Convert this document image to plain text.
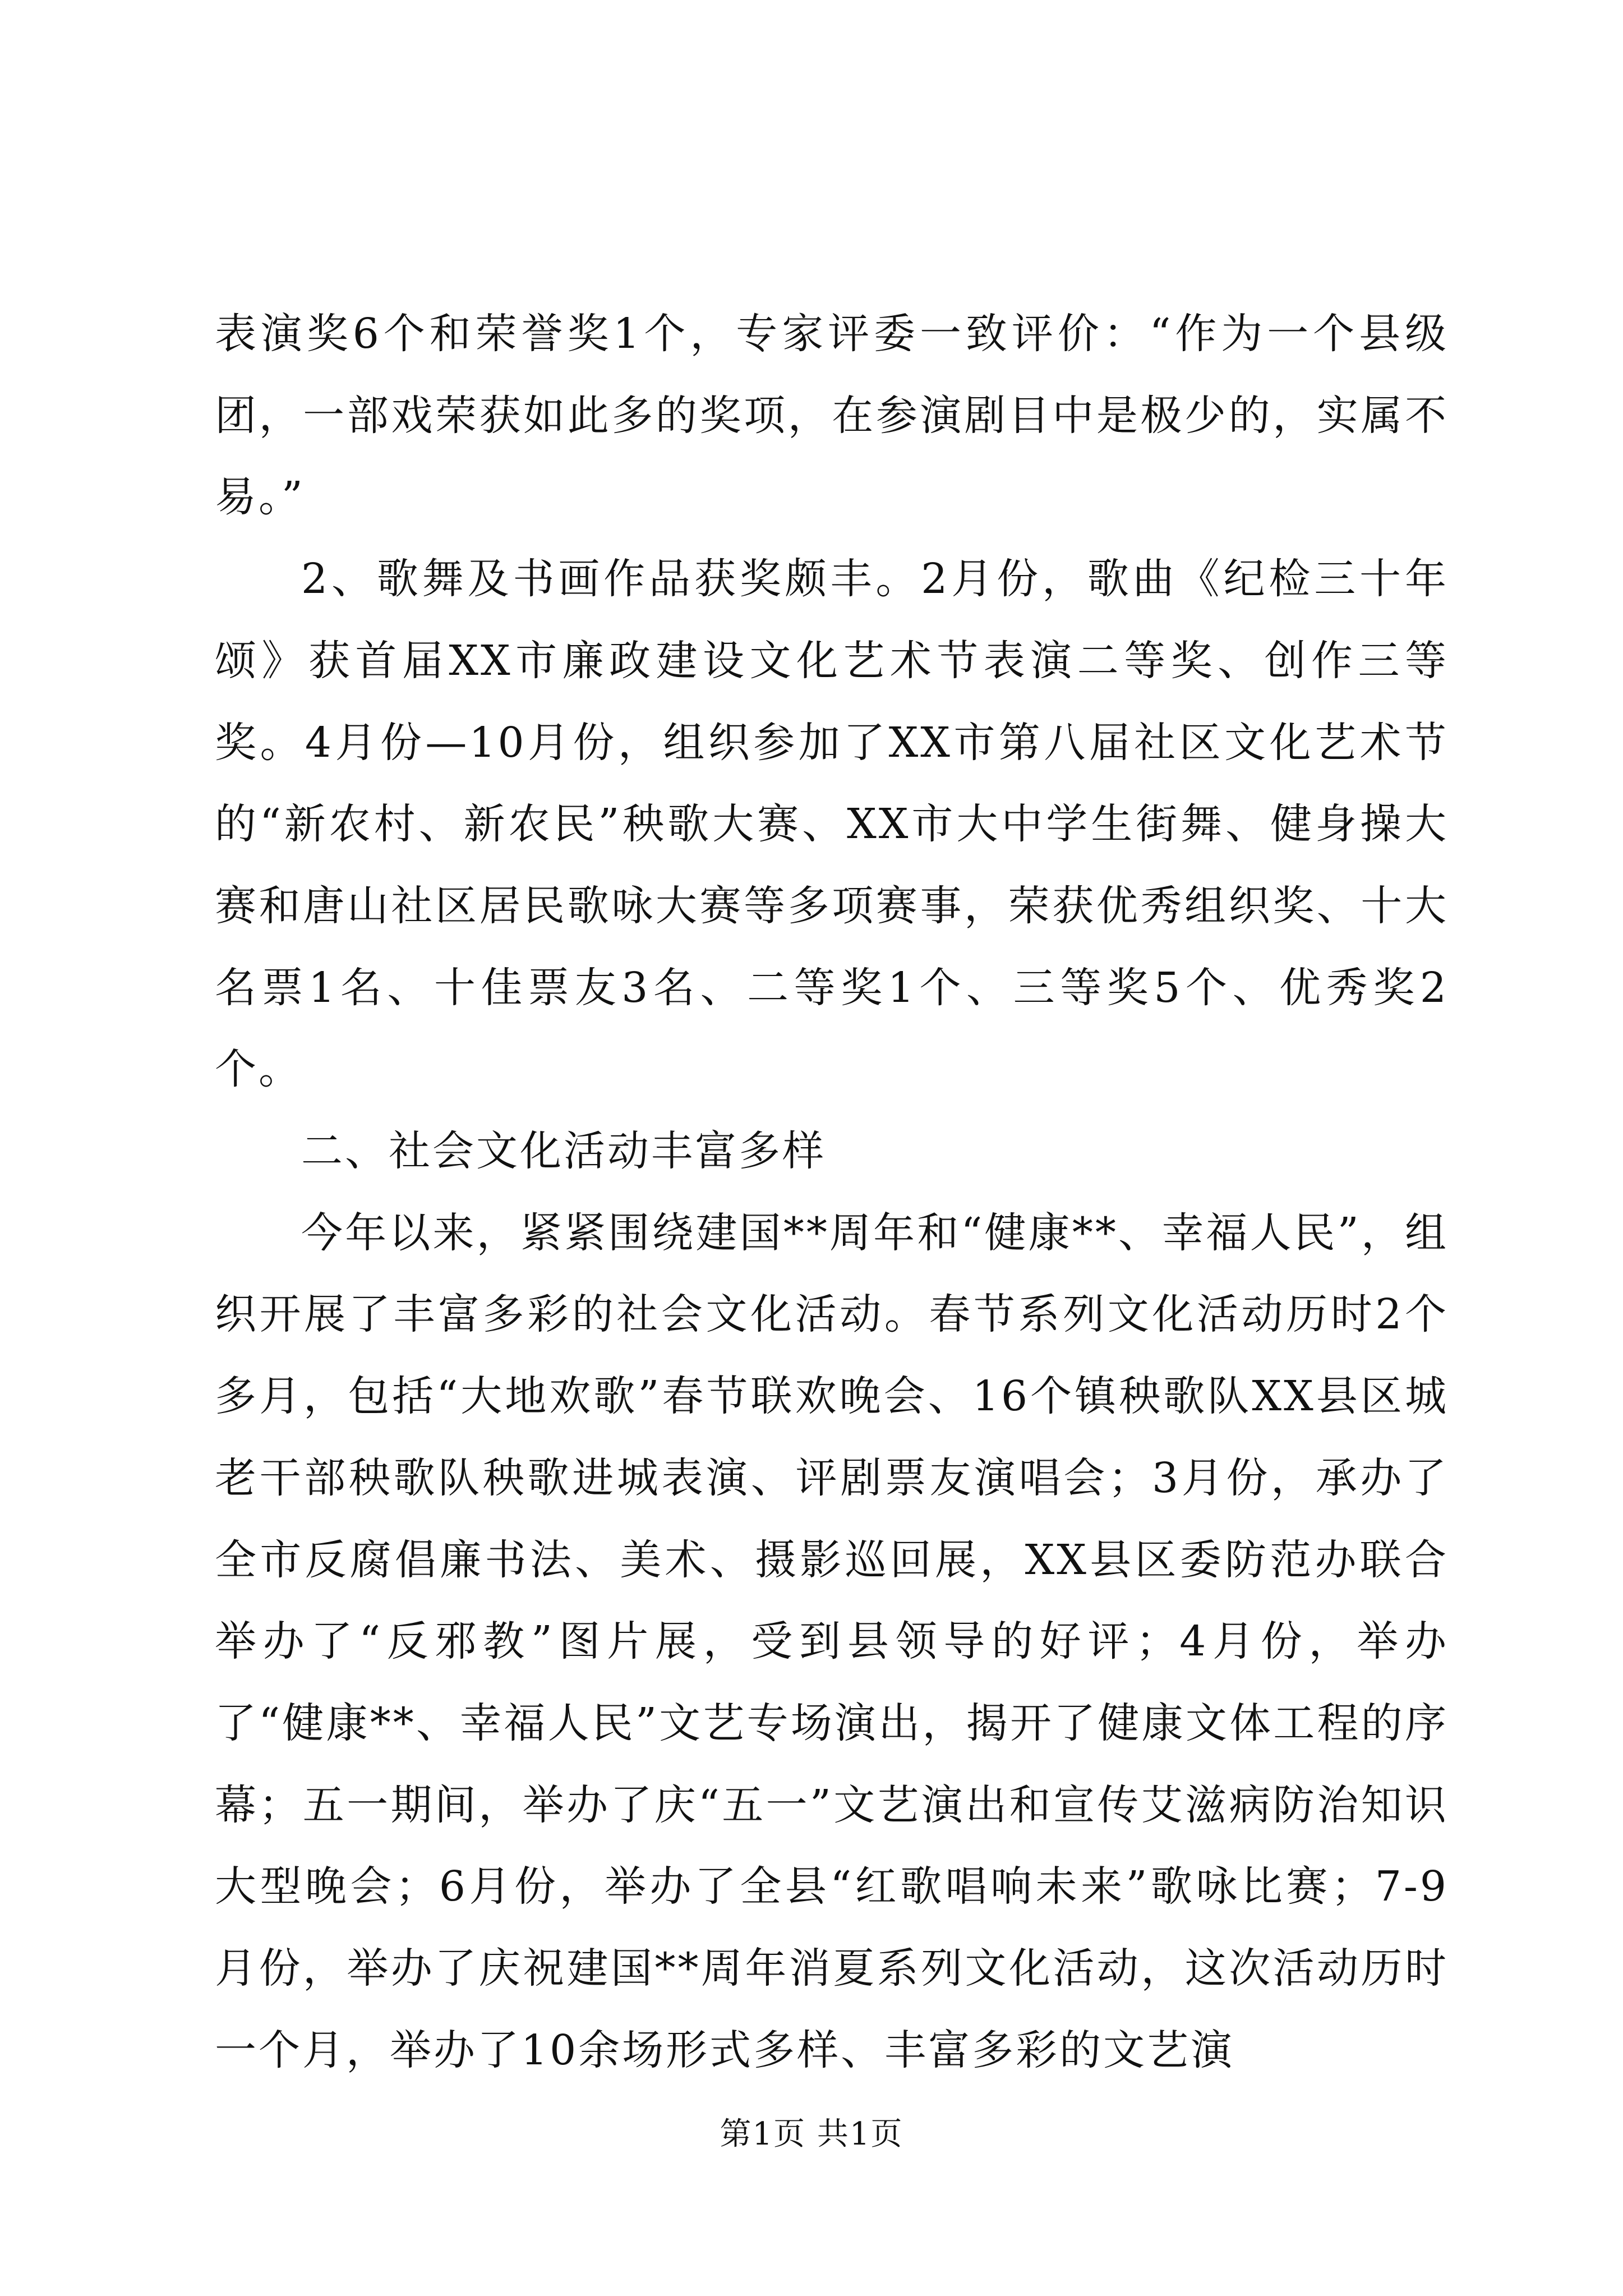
表演奖6个和荣誉奖1个，专家评委一致评价：“作为一个县级团，一部戏荣获如此多的奖项，在参演剧目中是极少的，实属不易。”

2、歌舞及书画作品获奖颇丰。2月份，歌曲《纪检三十年颂》获首届XX市廉政建设文化艺术节表演二等奖、创作三等奖。4月份—10月份，组织参加了XX市第八届社区文化艺术节的“新农村、新农民”秧歌大赛、XX市大中学生街舞、健身操大赛和唐山社区居民歌咏大赛等多项赛事，荣获优秀组织奖、十大名票1名、十佳票友3名、二等奖1个、三等奖5个、优秀奖2个。

二、社会文化活动丰富多样

今年以来，紧紧围绕建国**周年和“健康**、幸福人民”，组织开展了丰富多彩的社会文化活动。春节系列文化活动历时2个多月，包括“大地欢歌”春节联欢晚会、16个镇秧歌队XX县区城老干部秧歌队秧歌进城表演、评剧票友演唱会；3月份，承办了全市反腐倡廉书法、美术、摄影巡回展，XX县区委防范办联合举办了“反邪教”图片展，受到县领导的好评；4月份，举办了“健康**、幸福人民”文艺专场演出，揭开了健康文体工程的序幕；五一期间，举办了庆“五一”文艺演出和宣传艾滋病防治知识大型晚会；6月份，举办了全县“红歌唱响未来”歌咏比赛；7-9月份，举办了庆祝建国**周年消夏系列文化活动，这次活动历时一个月，举办了10余场形式多样、丰富多彩的文艺演

第1页 共1页
